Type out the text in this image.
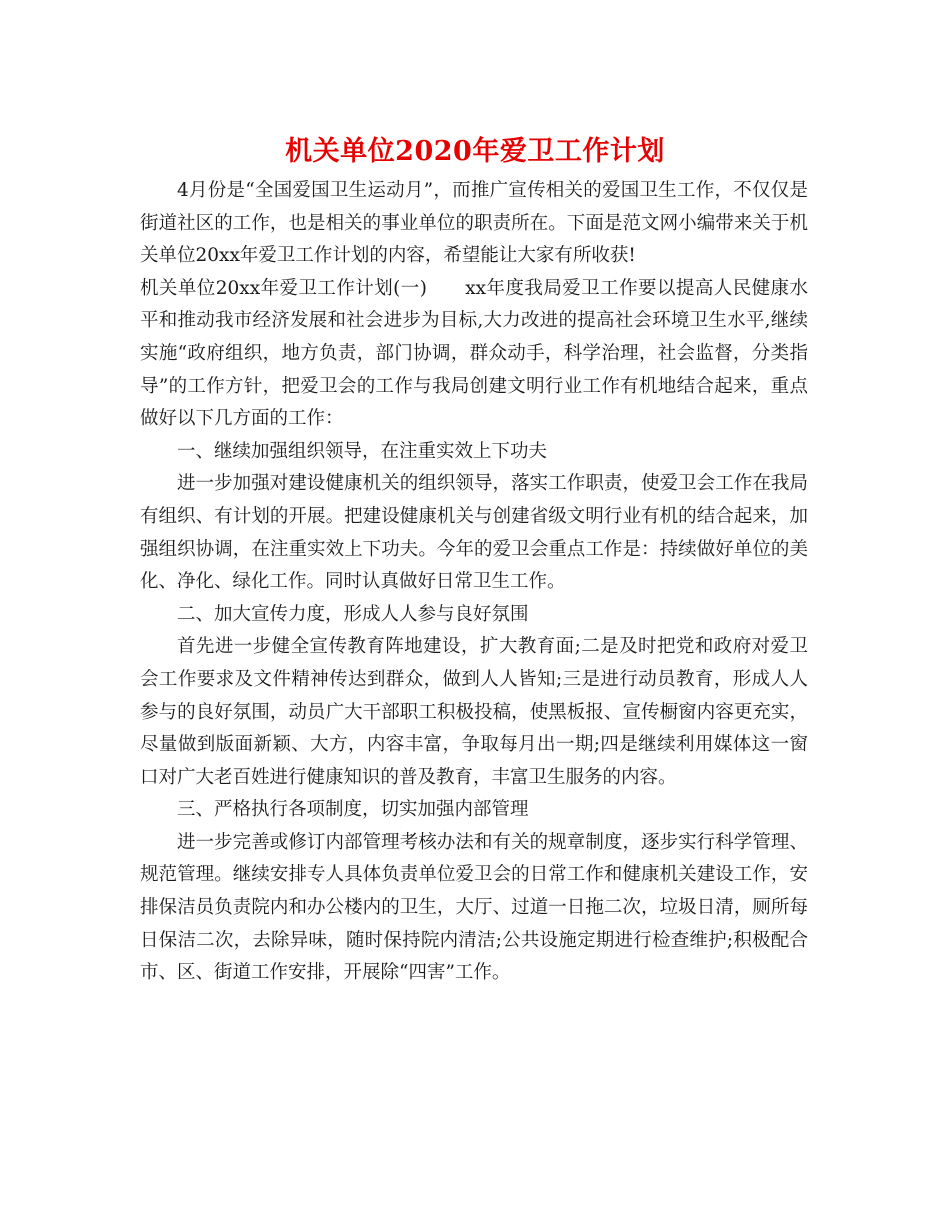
机关单位2020年爱卫工作计划

4月份是“全国爱国卫生运动月”，而推广宣传相关的爱国卫生工作，不仅仅是街道社区的工作，也是相关的事业单位的职责所在。下面是范文网小编带来关于机关单位20xx年爱卫工作计划的内容，希望能让大家有所收获!

机关单位20xx年爱卫工作计划(一)　　xx年度我局爱卫工作要以提高人民健康水平和推动我市经济发展和社会进步为目标,大力改进的提高社会环境卫生水平,继续实施“政府组织，地方负责，部门协调，群众动手，科学治理，社会监督，分类指导”的工作方针，把爱卫会的工作与我局创建文明行业工作有机地结合起来，重点做好以下几方面的工作：

一、继续加强组织领导，在注重实效上下功夫

进一步加强对建设健康机关的组织领导，落实工作职责，使爱卫会工作在我局有组织、有计划的开展。把建设健康机关与创建省级文明行业有机的结合起来，加强组织协调，在注重实效上下功夫。今年的爱卫会重点工作是：持续做好单位的美化、净化、绿化工作。同时认真做好日常卫生工作。

二、加大宣传力度，形成人人参与良好氛围

首先进一步健全宣传教育阵地建设，扩大教育面;二是及时把党和政府对爱卫会工作要求及文件精神传达到群众，做到人人皆知;三是进行动员教育，形成人人参与的良好氛围，动员广大干部职工积极投稿，使黑板报、宣传橱窗内容更充实，尽量做到版面新颖、大方，内容丰富，争取每月出一期;四是继续利用媒体这一窗口对广大老百姓进行健康知识的普及教育，丰富卫生服务的内容。

三、严格执行各项制度，切实加强内部管理

进一步完善或修订内部管理考核办法和有关的规章制度，逐步实行科学管理、规范管理。继续安排专人具体负责单位爱卫会的日常工作和健康机关建设工作，安排保洁员负责院内和办公楼内的卫生，大厅、过道一日拖二次，垃圾日清，厕所每日保洁二次，去除异味，随时保持院内清洁;公共设施定期进行检查维护;积极配合市、区、街道工作安排，开展除“四害”工作。
